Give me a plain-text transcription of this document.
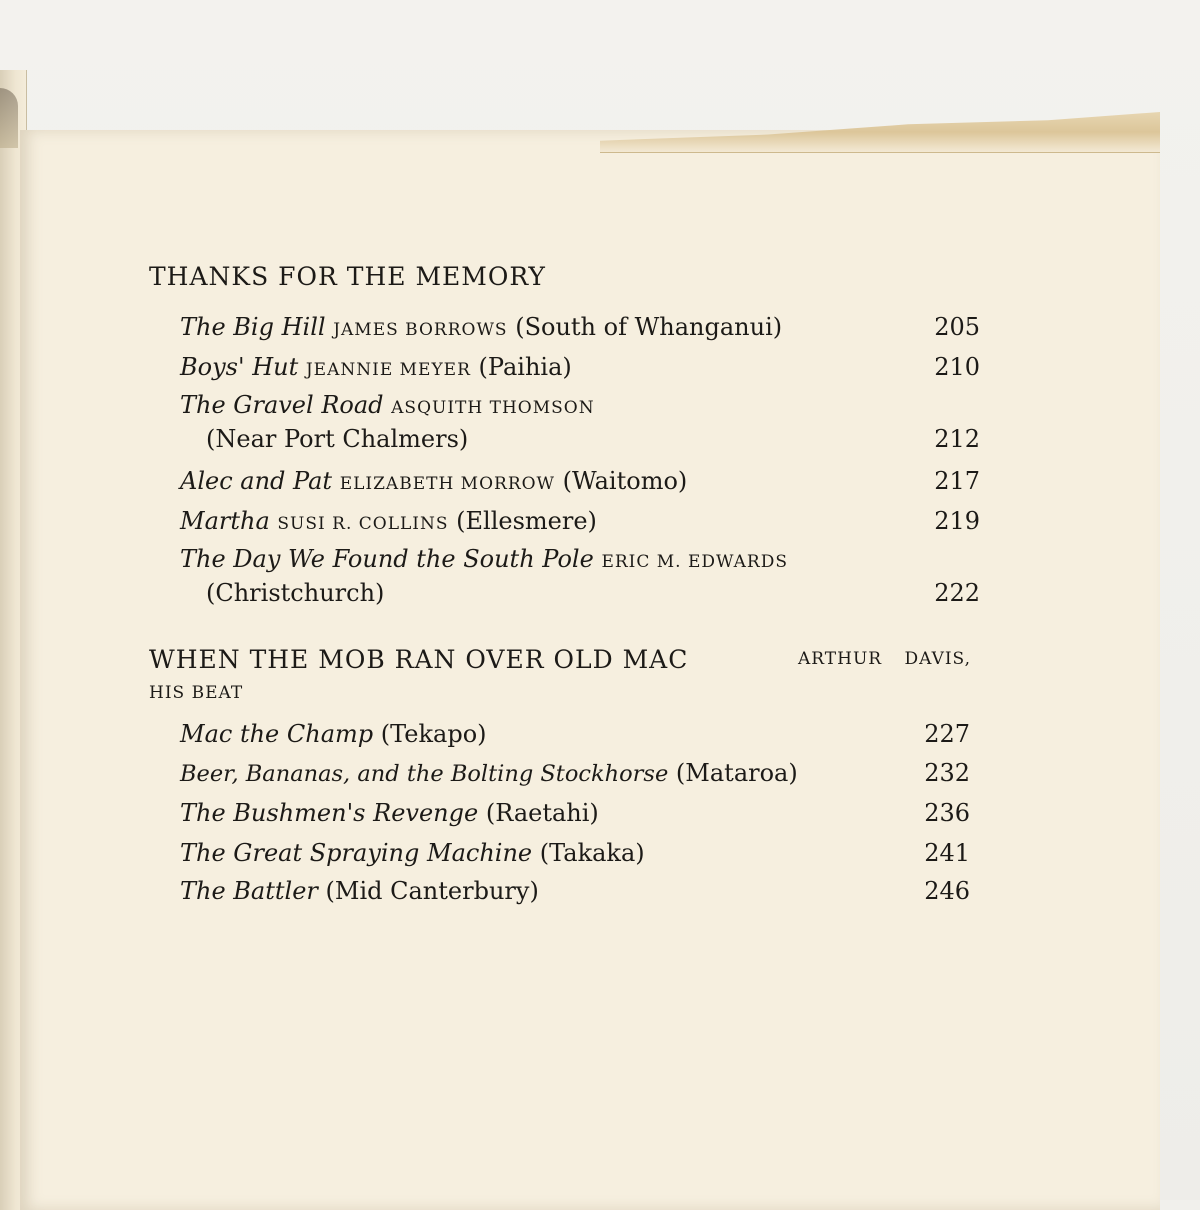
THANKS FOR THE MEMORY
The Big Hill JAMES BORROWS (South of Whanganui)	205
Boys' Hut JEANNIE MEYER (Paihia)	210
The Gravel Road ASQUITH THOMSON
(Near Port Chalmers)	212
Alec and Pat ELIZABETH MORROW (Waitomo)	217
Martha SUSI R. COLLINS (Ellesmere)	219
The Day We Found the South Pole ERIC M. EDWARDS
(Christchurch)	222
WHEN THE MOB RAN OVER OLD MAC	ARTHUR DAVIS,
HIS BEAT
Mac the Champ (Tekapo)	227
Beer, Bananas, and the Bolting Stockhorse (Mataroa)	232
The Bushmen's Revenge (Raetahi)	236
The Great Spraying Machine (Takaka)	241
The Battler (Mid Canterbury)	246
